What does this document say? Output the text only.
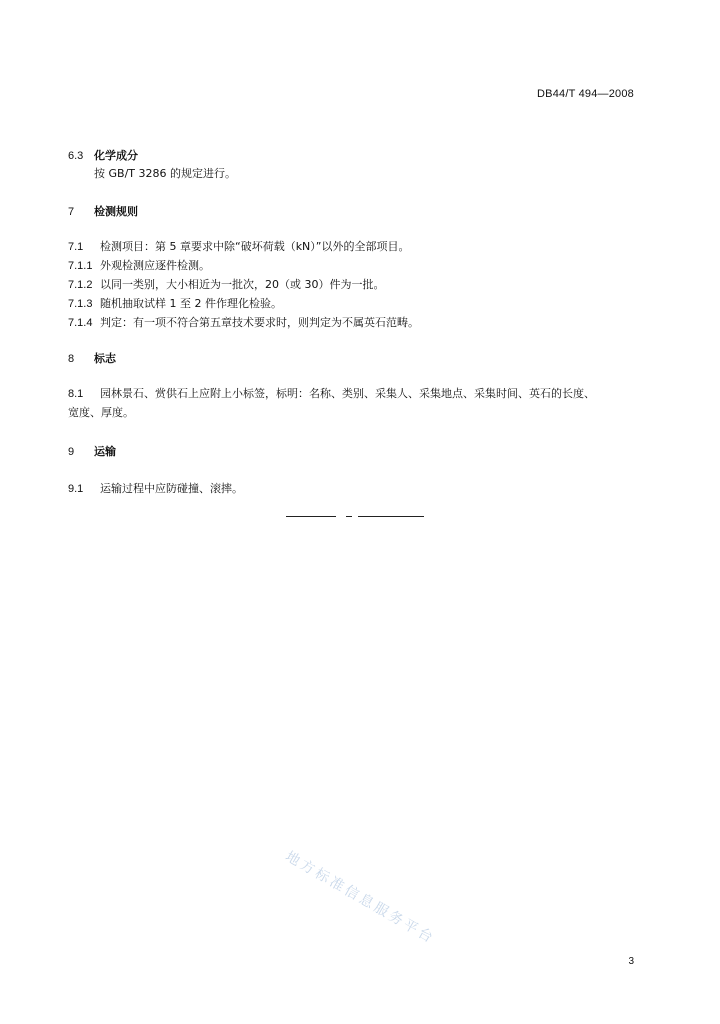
DB44/T 494—2008
6.3 化学成分
按 GB/T 3286 的规定进行。
7 检测规则
7.1 检测项目：第 5 章要求中除“破坏荷载（kN）”以外的全部项目。
7.1.1 外观检测应逐件检测。
7.1.2 以同一类别，大小相近为一批次，20（或 30）件为一批。
7.1.3 随机抽取试样 1 至 2 件作理化检验。
7.1.4 判定：有一项不符合第五章技术要求时，则判定为不属英石范畴。
8 标志
8.1 园林景石、赏供石上应附上小标签，标明：名称、类别、采集人、采集地点、采集时间、英石的长度、
宽度、厚度。
9 运输
9.1 运输过程中应防碰撞、滚摔。
地方标准信息服务平台
3
